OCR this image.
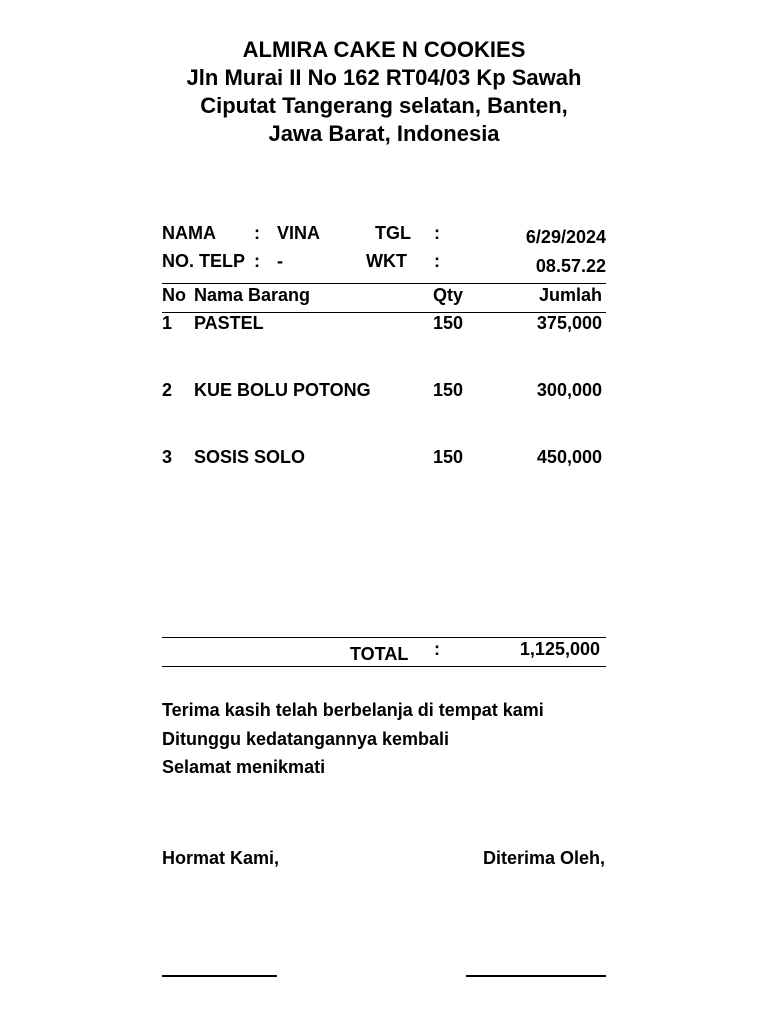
ALMIRA CAKE N COOKIES
Jln Murai II No 162 RT04/03 Kp Sawah
Ciputat Tangerang selatan, Banten,
Jawa Barat, Indonesia
NAMA : VINA	TGL :	6/29/2024
NO. TELP : -	WKT :	08.57.22
No Nama Barang	Qty	Jumlah
1 PASTEL	150	375,000
2 KUE BOLU POTONG	150	300,000
3 SOSIS SOLO	150	450,000
TOTAL :	1,125,000
Terima kasih telah berbelanja di tempat kami
Ditunggu kedatangannya kembali
Selamat menikmati
Hormat Kami,	Diterima Oleh,
